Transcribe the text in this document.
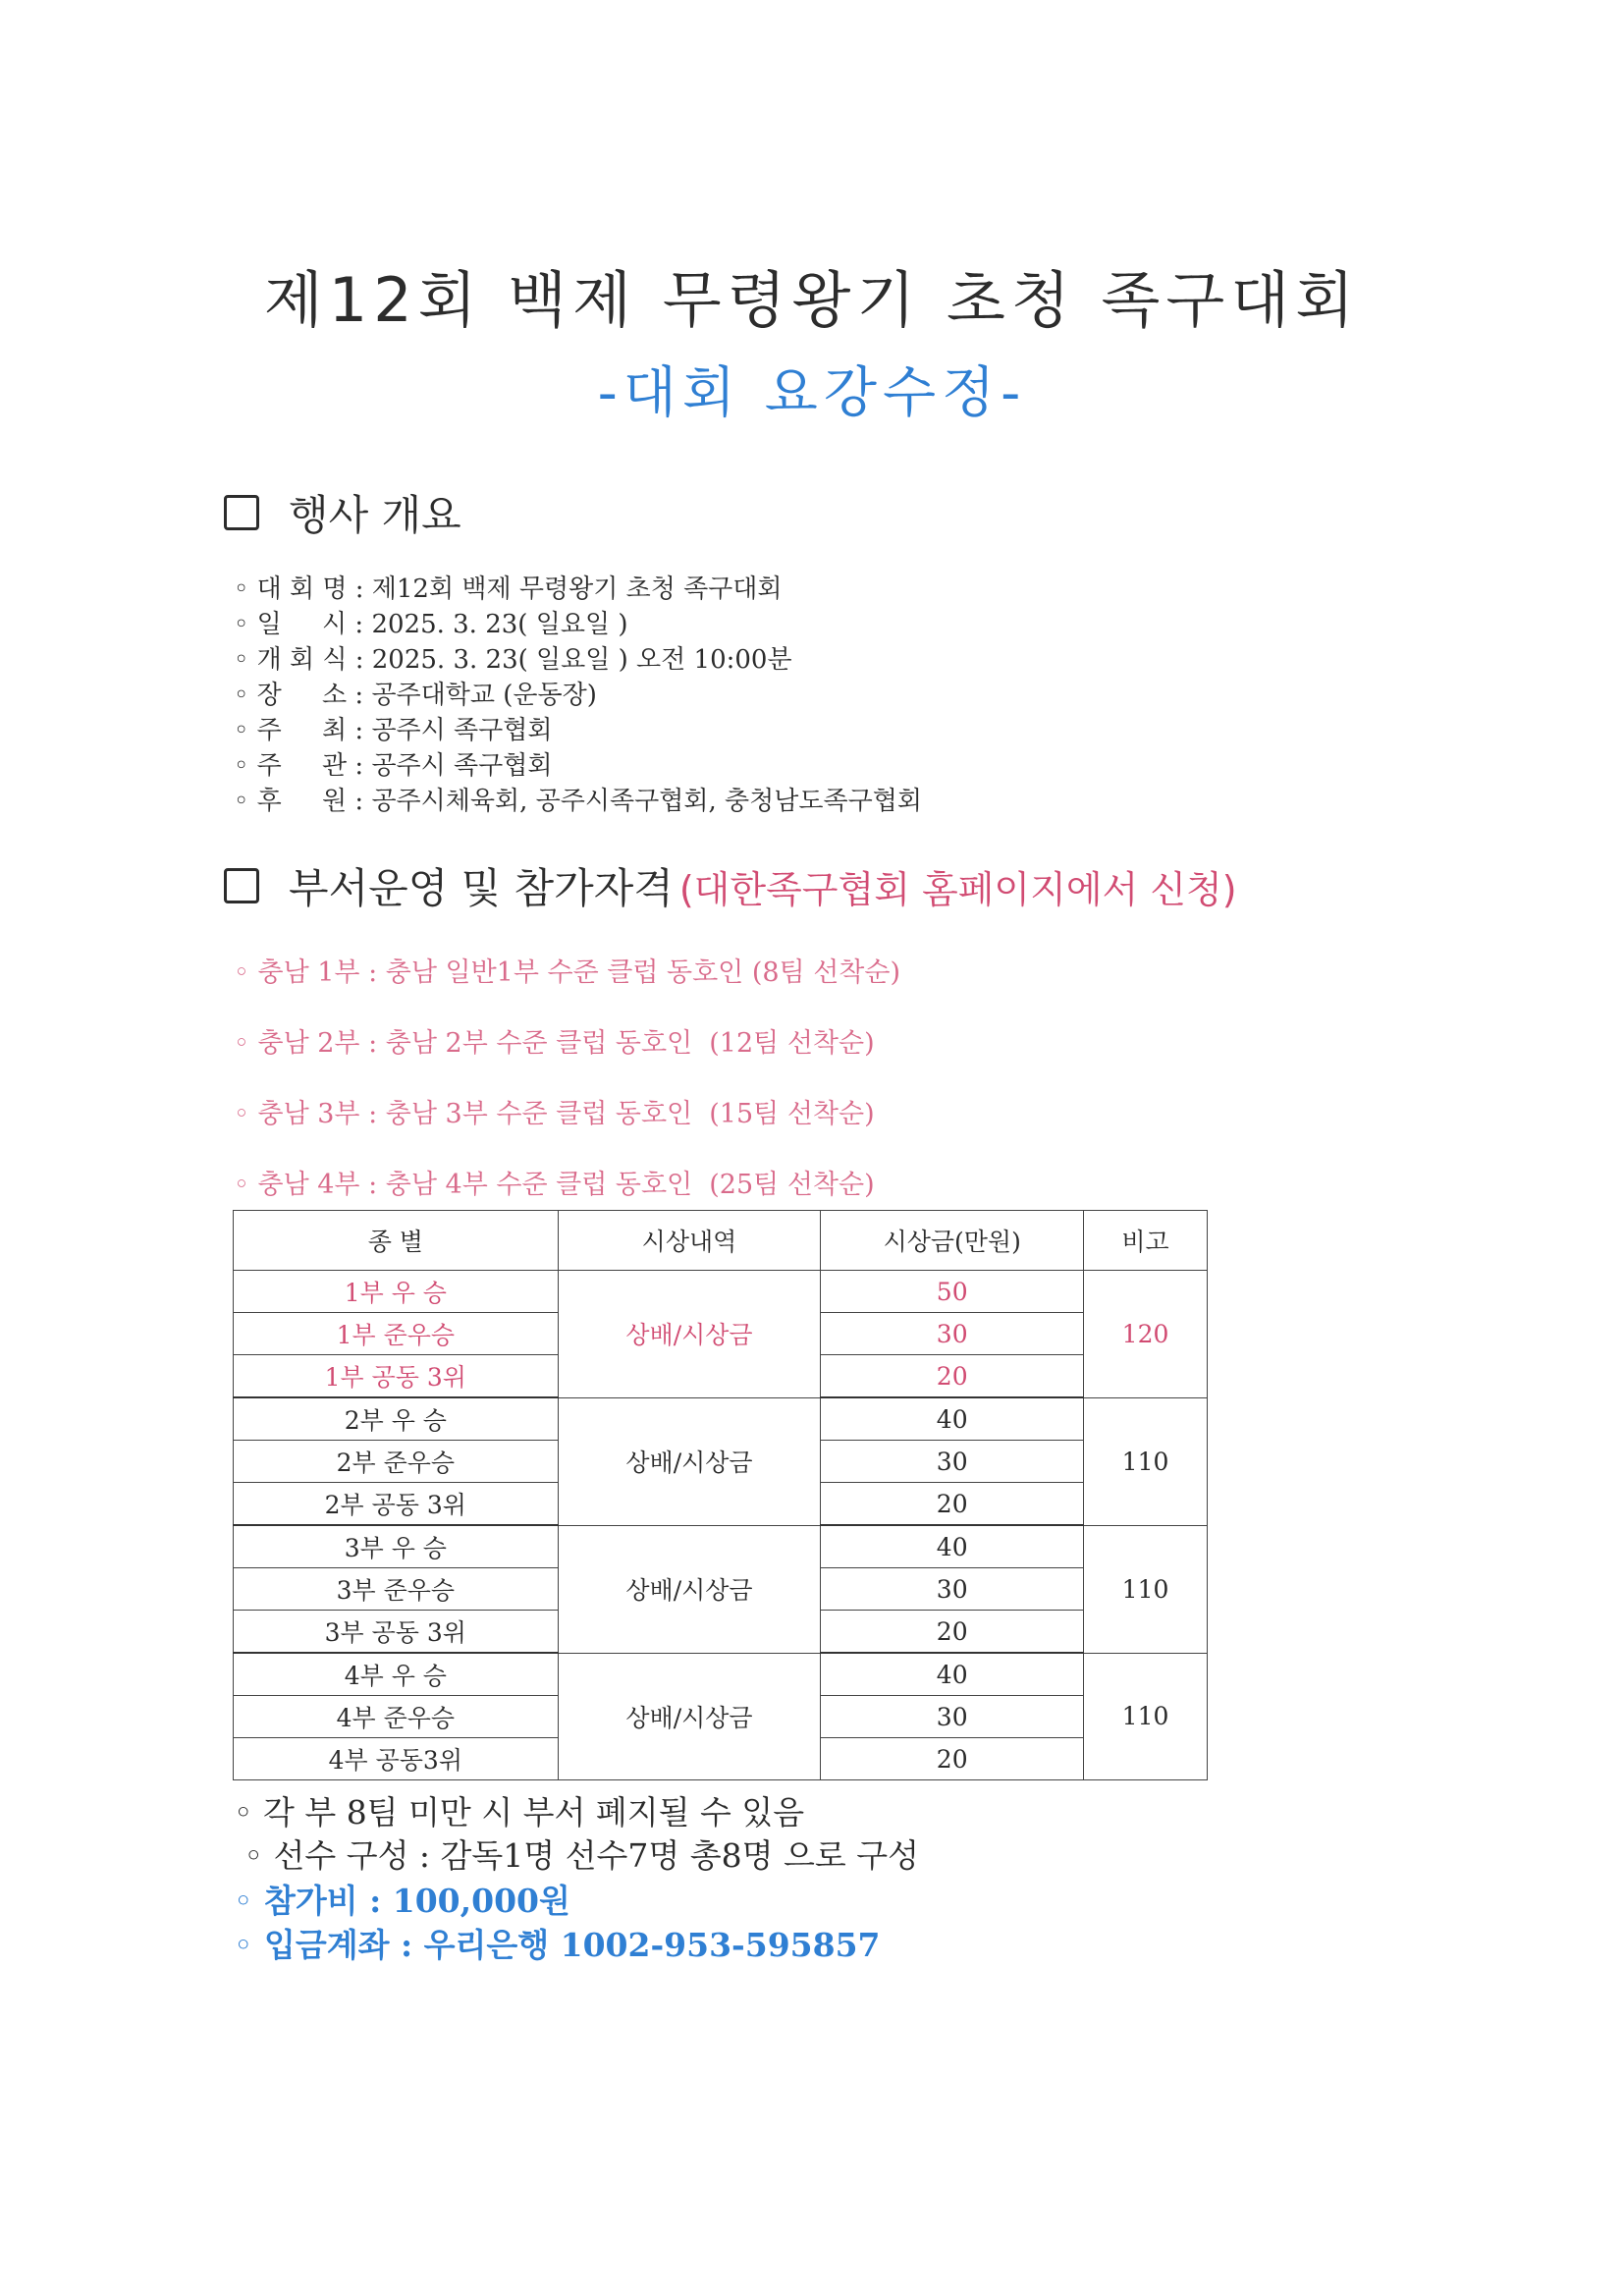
제12회 백제 무령왕기 초청 족구대회
-대회 요강수정-
행사 개요
◦ 대 회 명 : 제12회 백제 무령왕기 초청 족구대회
◦ 일     시 : 2025. 3. 23( 일요일 )
◦ 개 회 식 : 2025. 3. 23( 일요일 ) 오전 10:00분
◦ 장     소 : 공주대학교 (운동장)
◦ 주     최 : 공주시 족구협회
◦ 주     관 : 공주시 족구협회
◦ 후     원 : 공주시체육회, 공주시족구협회, 충청남도족구협회
부서운영 및 참가자격 (대한족구협회 홈페이지에서 신청)
◦ 충남 1부 : 충남 일반1부 수준 클럽 동호인 (8팀 선착순)
◦ 충남 2부 : 충남 2부 수준 클럽 동호인  (12팀 선착순)
◦ 충남 3부 : 충남 3부 수준 클럽 동호인  (15팀 선착순)
◦ 충남 4부 : 충남 4부 수준 클럽 동호인  (25팀 선착순)
종 별	시상내역	시상금(만원)	비고
1부 우 승	상배/시상금	50	120
1부 준우승		30	
1부 공동 3위		20	
2부 우 승	상배/시상금	40	110
2부 준우승		30	
2부 공동 3위		20	
3부 우 승	상배/시상금	40	110
3부 준우승		30	
3부 공동 3위		20	
4부 우 승	상배/시상금	40	110
4부 준우승		30	
4부 공동3위		20	
◦ 각 부 8팀 미만 시 부서 폐지될 수 있음
◦ 선수 구성 : 감독1명 선수7명 총8명 으로 구성
◦ 참가비 : 100,000원
◦ 입금계좌 : 우리은행 1002-953-595857
